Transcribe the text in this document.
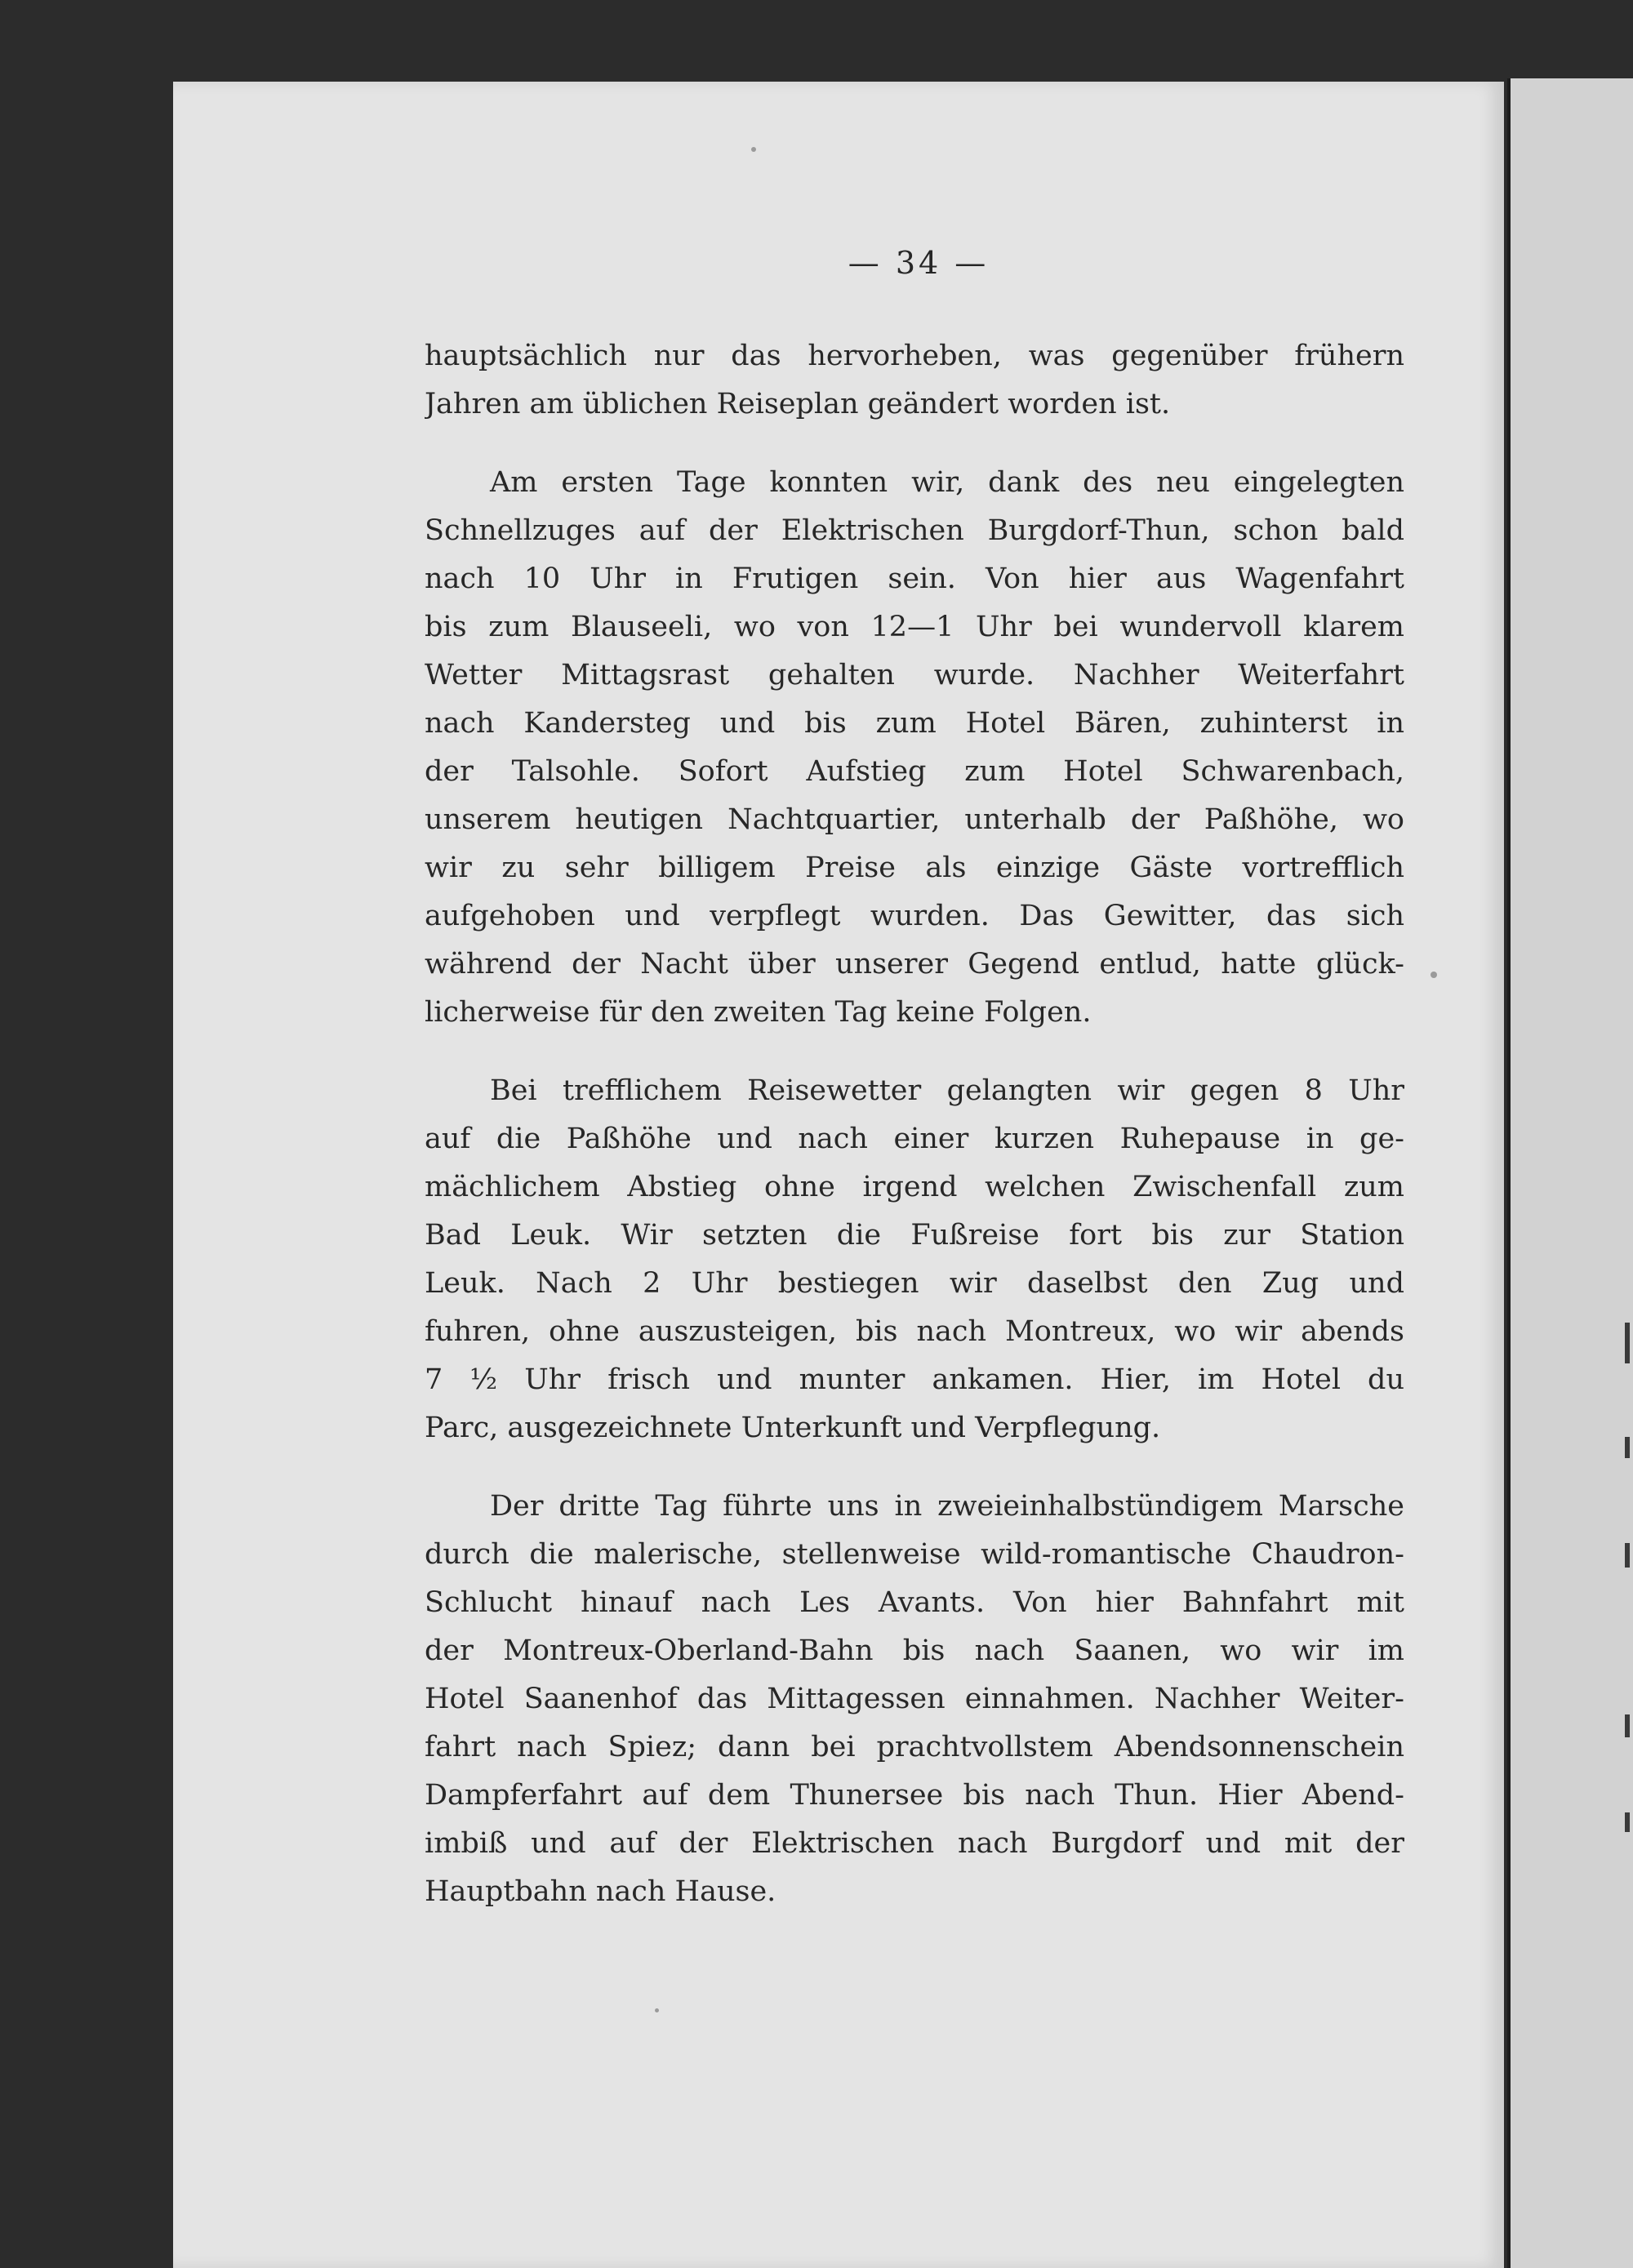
— 34 —
hauptsächlich nur das hervorheben, was gegenüber frühern
Jahren am üblichen Reiseplan geändert worden ist.
Am ersten Tage konnten wir, dank des neu eingelegten
Schnellzuges auf der Elektrischen Burgdorf-Thun, schon bald
nach 10 Uhr in Frutigen sein. Von hier aus Wagenfahrt
bis zum Blauseeli, wo von 12—1 Uhr bei wundervoll klarem
Wetter Mittagsrast gehalten wurde. Nachher Weiterfahrt
nach Kandersteg und bis zum Hotel Bären, zuhinterst in
der Talsohle. Sofort Aufstieg zum Hotel Schwarenbach,
unserem heutigen Nachtquartier, unterhalb der Paßhöhe, wo
wir zu sehr billigem Preise als einzige Gäste vortrefflich
aufgehoben und verpflegt wurden. Das Gewitter, das sich
während der Nacht über unserer Gegend entlud, hatte glück-
licherweise für den zweiten Tag keine Folgen.
Bei trefflichem Reisewetter gelangten wir gegen 8 Uhr
auf die Paßhöhe und nach einer kurzen Ruhepause in ge-
mächlichem Abstieg ohne irgend welchen Zwischenfall zum
Bad Leuk. Wir setzten die Fußreise fort bis zur Station
Leuk. Nach 2 Uhr bestiegen wir daselbst den Zug und
fuhren, ohne auszusteigen, bis nach Montreux, wo wir abends
7 ½ Uhr frisch und munter ankamen. Hier, im Hotel du
Parc, ausgezeichnete Unterkunft und Verpflegung.
Der dritte Tag führte uns in zweieinhalbstündigem Marsche
durch die malerische, stellenweise wild-romantische Chaudron-
Schlucht hinauf nach Les Avants. Von hier Bahnfahrt mit
der Montreux-Oberland-Bahn bis nach Saanen, wo wir im
Hotel Saanenhof das Mittagessen einnahmen. Nachher Weiter-
fahrt nach Spiez; dann bei prachtvollstem Abendsonnenschein
Dampferfahrt auf dem Thunersee bis nach Thun. Hier Abend-
imbiß und auf der Elektrischen nach Burgdorf und mit der
Hauptbahn nach Hause.
